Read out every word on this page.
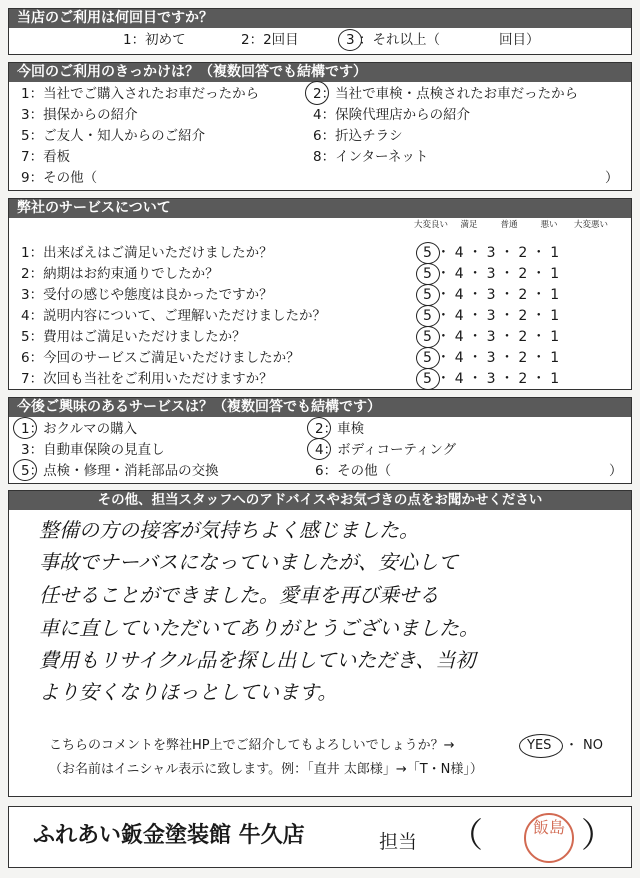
当店のご利用は何回目ですか？
1：初めて	2：2回目	3 ：それ以上（	回目）
今回のご利用のきっかけは？（複数回答でも結構です）
1：当社でご購入されたお車だったから	2：当社で車検・点検されたお車だったから
3：損保からの紹介	4：保険代理店からの紹介
5：ご友人・知人からのご紹介	6：折込チラシ
7：看板	8：インターネット
9：その他（	）
弊社のサービスについて
大変良い	満足	普通	悪い	大変悪い
1：出来ばえはご満足いただけましたか？	5 ・ 4 ・ 3 ・ 2 ・ 1
2：納期はお約束通りでしたか？	5 ・ 4 ・ 3 ・ 2 ・ 1
3：受付の感じや態度は良かったですか？	5 ・ 4 ・ 3 ・ 2 ・ 1
4：説明内容について、ご理解いただけましたか？	5 ・ 4 ・ 3 ・ 2 ・ 1
5：費用はご満足いただけましたか？	5 ・ 4 ・ 3 ・ 2 ・ 1
6：今回のサービスご満足いただけましたか？	5 ・ 4 ・ 3 ・ 2 ・ 1
7：次回も当社をご利用いただけますか？	5 ・ 4 ・ 3 ・ 2 ・ 1
今後ご興味のあるサービスは？（複数回答でも結構です）
1：おクルマの購入	2：車検
3：自動車保険の見直し	4：ボディコーティング
5：点検・修理・消耗部品の交換	6：その他（	）
その他、担当スタッフへのアドバイスやお気づきの点をお聞かせください
整備の方の接客が気持ちよく感じました。
事故でナーバスになっていましたが、安心して
任せることができました。愛車を再び乗せる
車に直していただいてありがとうございました。
費用もリサイクル品を探し出していただき、当初
より安くなりほっとしています。
こちらのコメントを弊社HP上でご紹介してもよろしいでしょうか？→	YES ・ NO
（お名前はイニシャル表示に致します。例：「直井 太郎様」→「T・N様」）
ふれあい鈑金塗装館 牛久店	担当 （	飯島 ）
